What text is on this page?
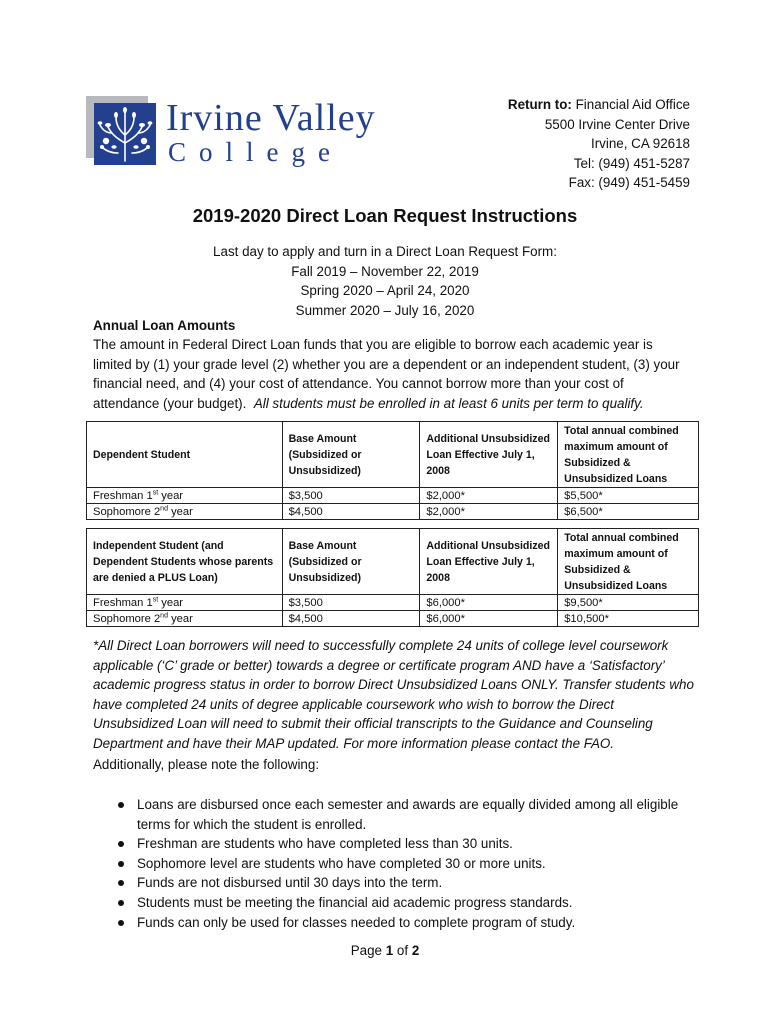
Irvine Valley
College
Return to: Financial Aid Office
5500 Irvine Center Drive
Irvine, CA 92618
Tel: (949) 451-5287
Fax: (949) 451-5459
2019-2020 Direct Loan Request Instructions
Last day to apply and turn in a Direct Loan Request Form:
Fall 2019 – November 22, 2019
Spring 2020 – April 24, 2020
Summer 2020 – July 16, 2020
Annual Loan Amounts
The amount in Federal Direct Loan funds that you are eligible to borrow each academic year is limited by (1) your grade level (2) whether you are a dependent or an independent student, (3) your financial need, and (4) your cost of attendance. You cannot borrow more than your cost of attendance (your budget). All students must be enrolled in at least 6 units per term to qualify.
Dependent Student	Base Amount (Subsidized or Unsubsidized)	Additional Unsubsidized Loan Effective July 1, 2008	Total annual combined maximum amount of Subsidized & Unsubsidized Loans
Freshman 1st year	$3,500	$2,000*	$5,500*
Sophomore 2nd year	$4,500	$2,000*	$6,500*
Independent Student (and Dependent Students whose parents are denied a PLUS Loan)	Base Amount (Subsidized or Unsubsidized)	Additional Unsubsidized Loan Effective July 1, 2008	Total annual combined maximum amount of Subsidized & Unsubsidized Loans
Freshman 1st year	$3,500	$6,000*	$9,500*
Sophomore 2nd year	$4,500	$6,000*	$10,500*
*All Direct Loan borrowers will need to successfully complete 24 units of college level coursework applicable (‘C’ grade or better) towards a degree or certificate program AND have a ‘Satisfactory’ academic progress status in order to borrow Direct Unsubsidized Loans ONLY. Transfer students who have completed 24 units of degree applicable coursework who wish to borrow the Direct Unsubsidized Loan will need to submit their official transcripts to the Guidance and Counseling Department and have their MAP updated. For more information please contact the FAO.
Additionally, please note the following:
Loans are disbursed once each semester and awards are equally divided among all eligible terms for which the student is enrolled.
Freshman are students who have completed less than 30 units.
Sophomore level are students who have completed 30 or more units.
Funds are not disbursed until 30 days into the term.
Students must be meeting the financial aid academic progress standards.
Funds can only be used for classes needed to complete program of study.
Page 1 of 2
